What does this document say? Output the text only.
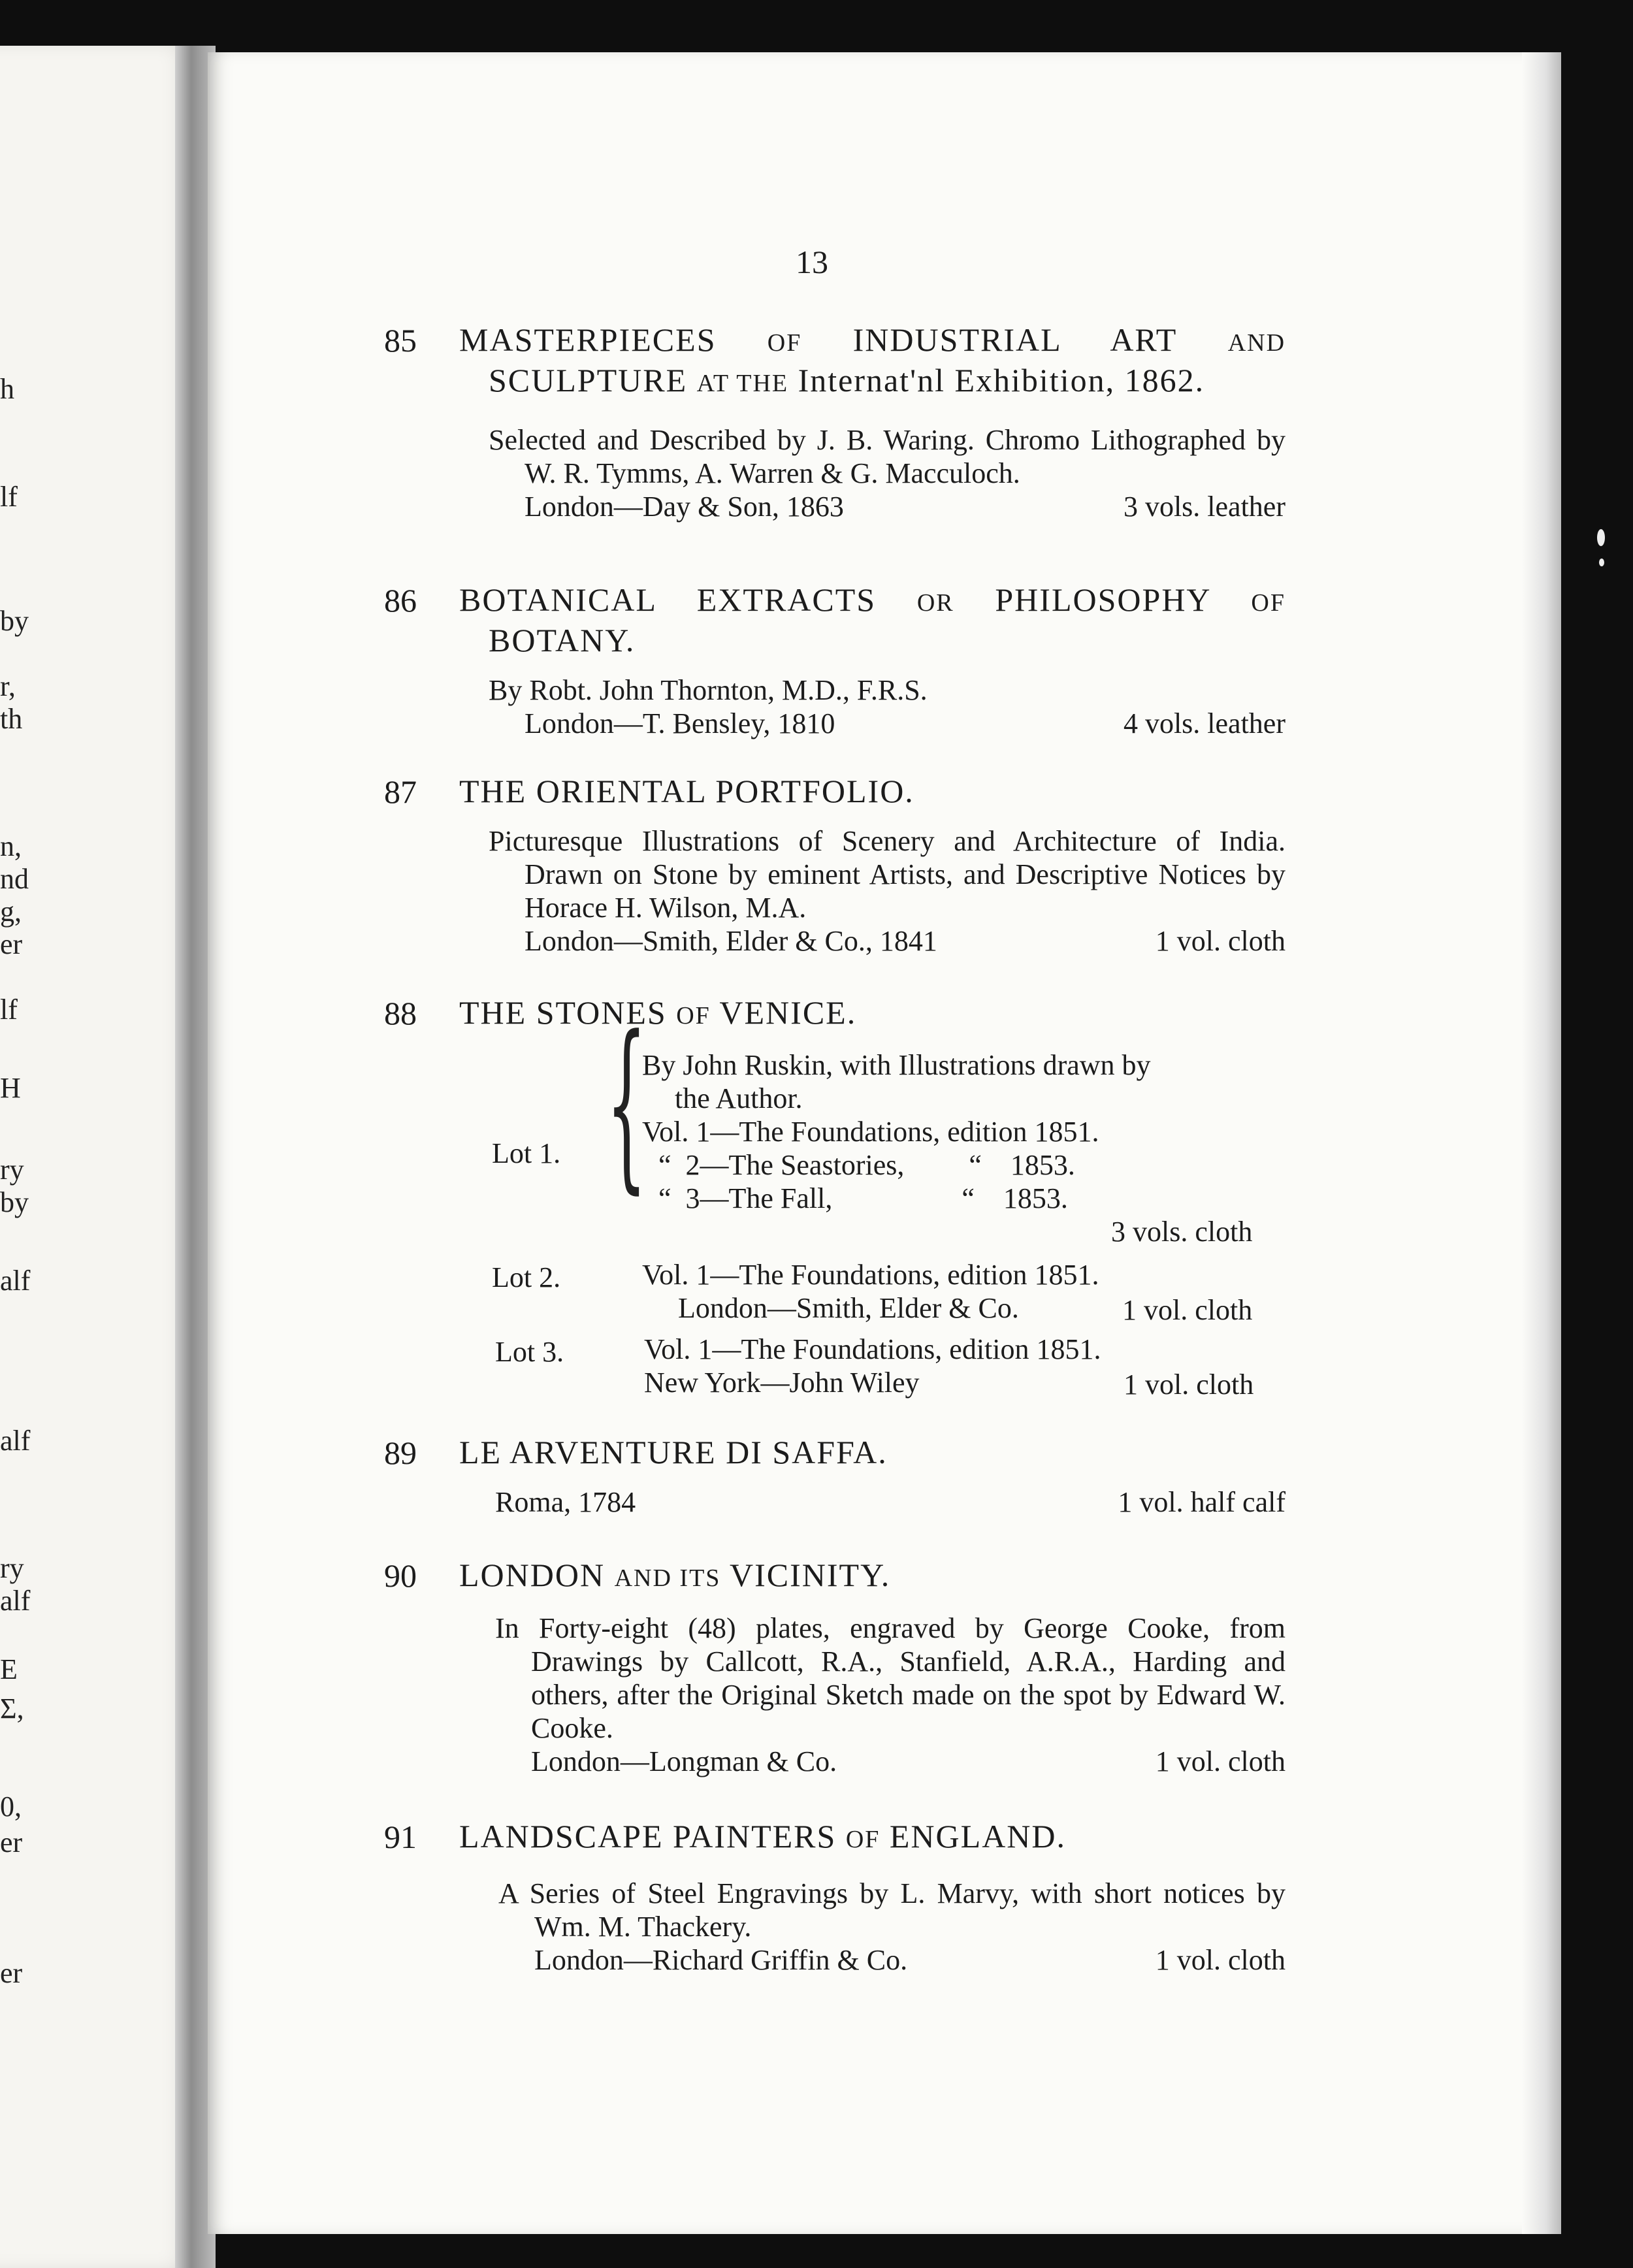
h
lf
by
r,
th
n,
nd
g,
er
lf
H
ry
by
alf
alf
ry
alf
E
Σ,
0,
er
er
13
85 MASTERPIECES OF INDUSTRIAL ART AND SCULPTURE AT THE Internat'nl Exhibition, 1862.
Selected and Described by J. B. Waring. Chromo Lithographed by W. R. Tymms, A. Warren & G. Macculoch.
London—Day & Son, 1863	3 vols. leather
86 BOTANICAL EXTRACTS OR PHILOSOPHY OF BOTANY.
By Robt. John Thornton, M.D., F.R.S.
London—T. Bensley, 1810	4 vols. leather
87 THE ORIENTAL PORTFOLIO.
Picturesque Illustrations of Scenery and Architecture of India. Drawn on Stone by eminent Artists, and Descriptive Notices by Horace H. Wilson, M.A.
London—Smith, Elder & Co., 1841	1 vol. cloth
88 THE STONES OF VENICE.
Lot 1. {
By John Ruskin, with Illustrations drawn by
the Author.
Vol. 1—The Foundations, edition 1851.
“  2—The Seastories,         “    1853.
“  3—The Fall,                  “    1853.
3 vols. cloth
Lot 2.	Vol. 1—The Foundations, edition 1851.
London—Smith, Elder & Co.	1 vol. cloth
Lot 3.	Vol. 1—The Foundations, edition 1851.
New York—John Wiley	1 vol. cloth
89 LE ARVENTURE DI SAFFA.
Roma, 1784	1 vol. half calf
90 LONDON AND ITS VICINITY.
In Forty-eight (48) plates, engraved by George Cooke, from Drawings by Callcott, R.A., Stanfield, A.R.A., Harding and others, after the Original Sketch made on the spot by Edward W. Cooke.
London—Longman & Co.	1 vol. cloth
91 LANDSCAPE PAINTERS OF ENGLAND.
A Series of Steel Engravings by L. Marvy, with short notices by Wm. M. Thackery.
London—Richard Griffin & Co.	1 vol. cloth
